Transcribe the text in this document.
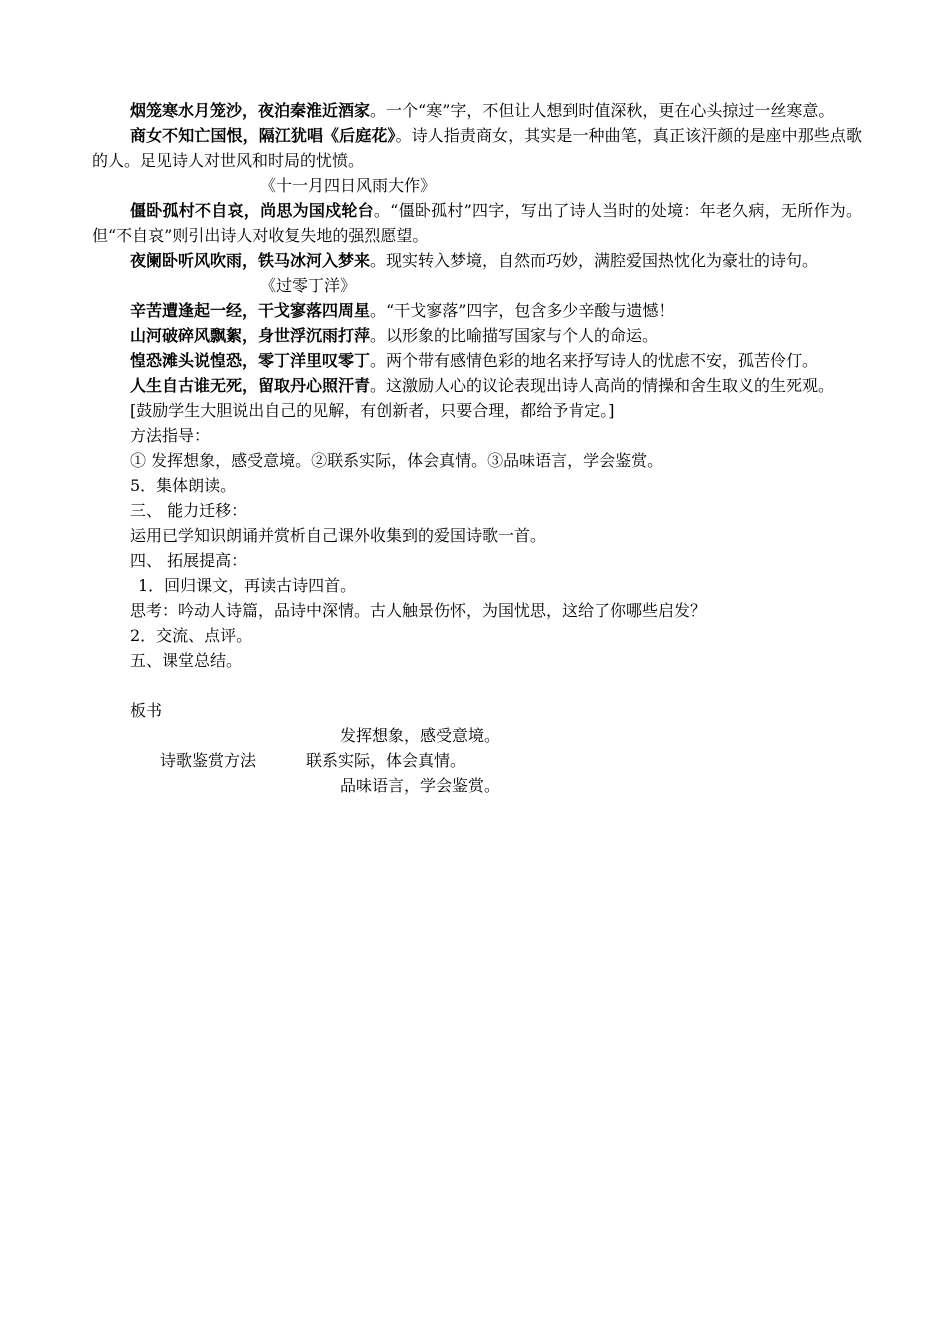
烟笼寒水月笼沙，夜泊秦淮近酒家。一个“寒”字，不但让人想到时值深秋，更在心头掠过一丝寒意。

商女不知亡国恨，隔江犹唱《后庭花》。诗人指责商女，其实是一种曲笔，真正该汗颜的是座中那些点歌的人。足见诗人对世风和时局的忧愤。

《十一月四日风雨大作》

僵卧孤村不自哀，尚思为国戍轮台。“僵卧孤村”四字，写出了诗人当时的处境：年老久病，无所作为。但“不自哀”则引出诗人对收复失地的强烈愿望。

夜阑卧听风吹雨，铁马冰河入梦来。现实转入梦境，自然而巧妙，满腔爱国热忱化为豪壮的诗句。

《过零丁洋》

辛苦遭逢起一经，干戈寥落四周星。“干戈寥落”四字，包含多少辛酸与遗憾！

山河破碎风飘絮，身世浮沉雨打萍。以形象的比喻描写国家与个人的命运。

惶恐滩头说惶恐，零丁洋里叹零丁。两个带有感情色彩的地名来抒写诗人的忧虑不安，孤苦伶仃。

人生自古谁无死，留取丹心照汗青。这激励人心的议论表现出诗人高尚的情操和舍生取义的生死观。

[鼓励学生大胆说出自己的见解，有创新者，只要合理，都给予肯定。]
方法指导：
① 发挥想象，感受意境。②联系实际，体会真情。③品味语言，学会鉴赏。
5．集体朗读。
三、 能力迁移：
运用已学知识朗诵并赏析自己课外收集到的爱国诗歌一首。
四、 拓展提高：
1．回归课文，再读古诗四首。
思考：吟动人诗篇，品诗中深情。古人触景伤怀，为国忧思，这给了你哪些启发？
2．交流、点评。
五、课堂总结。
板书
发挥想象，感受意境。
诗歌鉴赏方法	联系实际，体会真情。
品味语言，学会鉴赏。
